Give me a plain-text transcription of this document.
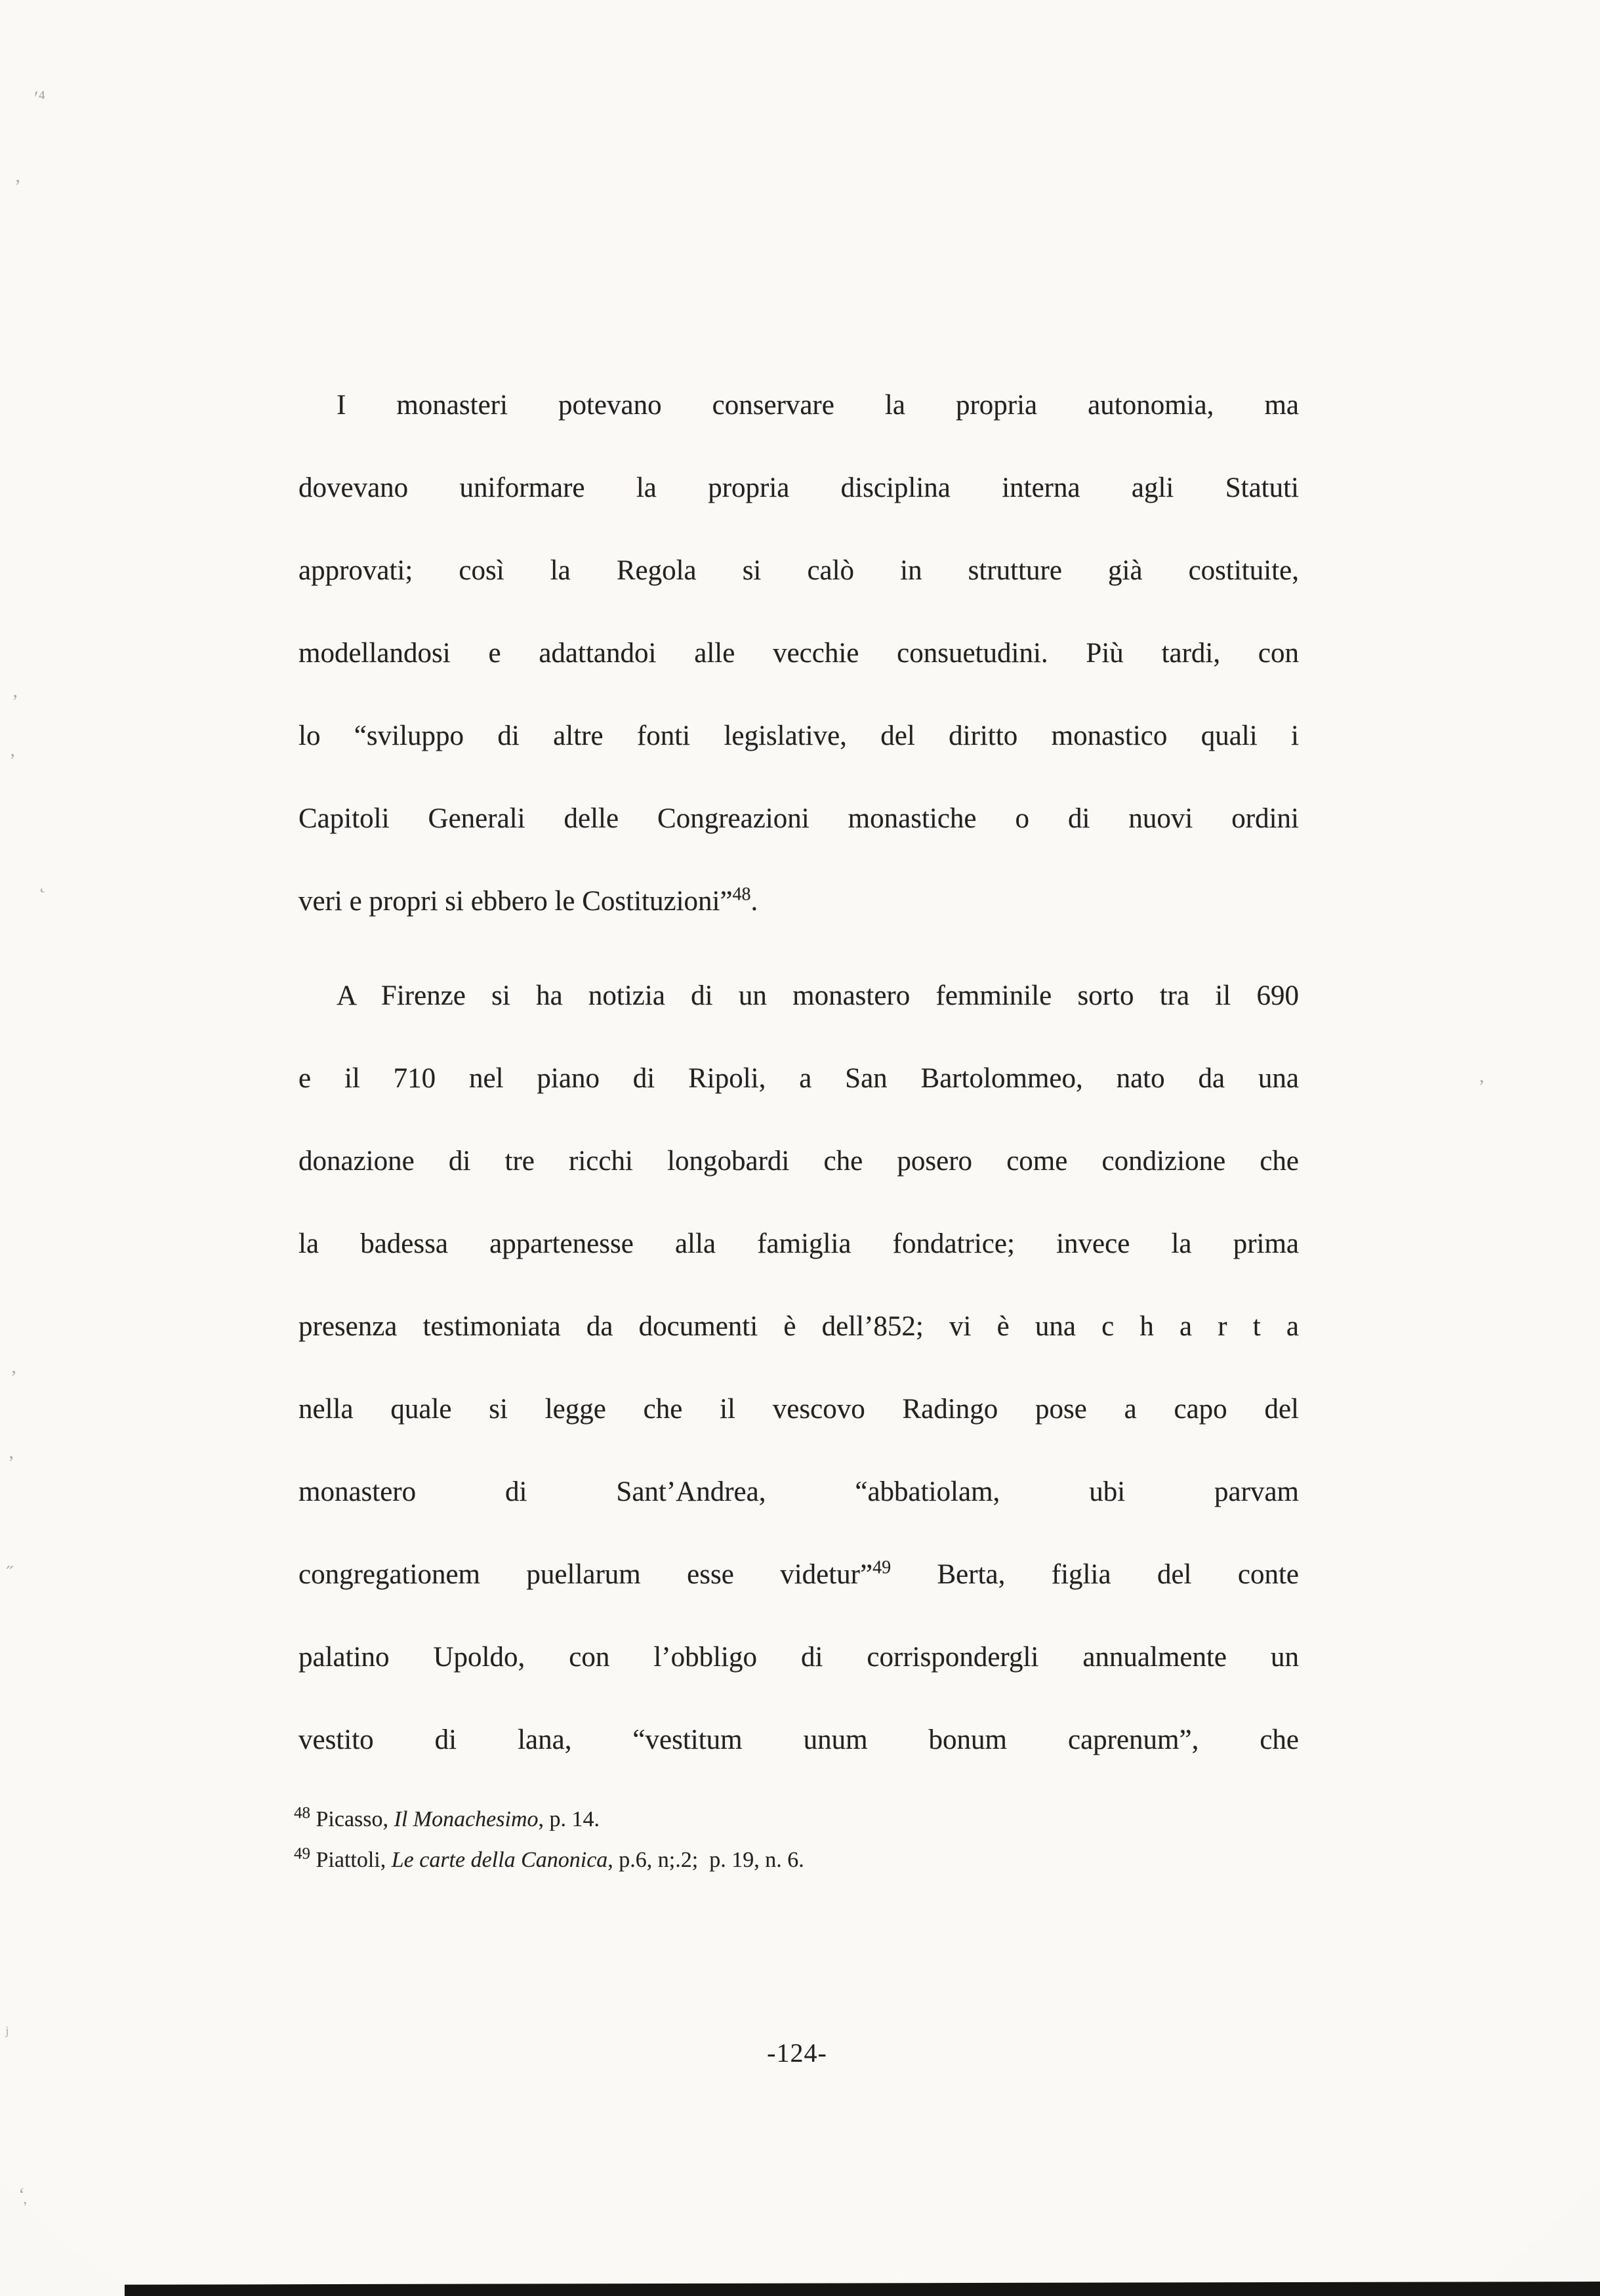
I monasteri potevano conservare la propria autonomia, ma
dovevano uniformare la propria disciplina interna agli Statuti
approvati; così la Regola si calò in strutture già costituite,
modellandosi e adattandoi alle vecchie consuetudini. Più tardi, con
lo “sviluppo di altre fonti legislative, del diritto monastico quali i
Capitoli Generali delle Congreazioni monastiche o di nuovi ordini
veri e propri si ebbero le Costituzioni”$^{48}$.
A Firenze si ha notizia di un monastero femminile sorto tra il 690
e il 710 nel piano di Ripoli, a San Bartolommeo, nato da una
donazione di tre ricchi longobardi che posero come condizione che
la badessa appartenesse alla famiglia fondatrice; invece la prima
presenza testimoniata da documenti è dell’852; vi è una c h a r t a
nella quale si legge che il vescovo Radingo pose a capo del
monastero di Sant’Andrea, “abbatiolam, ubi parvam
congregationem puellarum esse videtur”$^{49}$ Berta, figlia del conte
palatino Upoldo, con l’obbligo di corrispondergli annualmente un
vestito di lana, “vestitum unum bonum caprenum”, che
$^{48}$ Picasso, Il Monachesimo, p. 14.
$^{49}$ Piattoli, Le carte della Canonica, p.6, n;.2;  p. 19, n. 6.
-124-
ʹ⁴
ʼ
ʼ
ʼ
˛
,
ʼ
ʼ
˶
ʲ
ʻ̦
